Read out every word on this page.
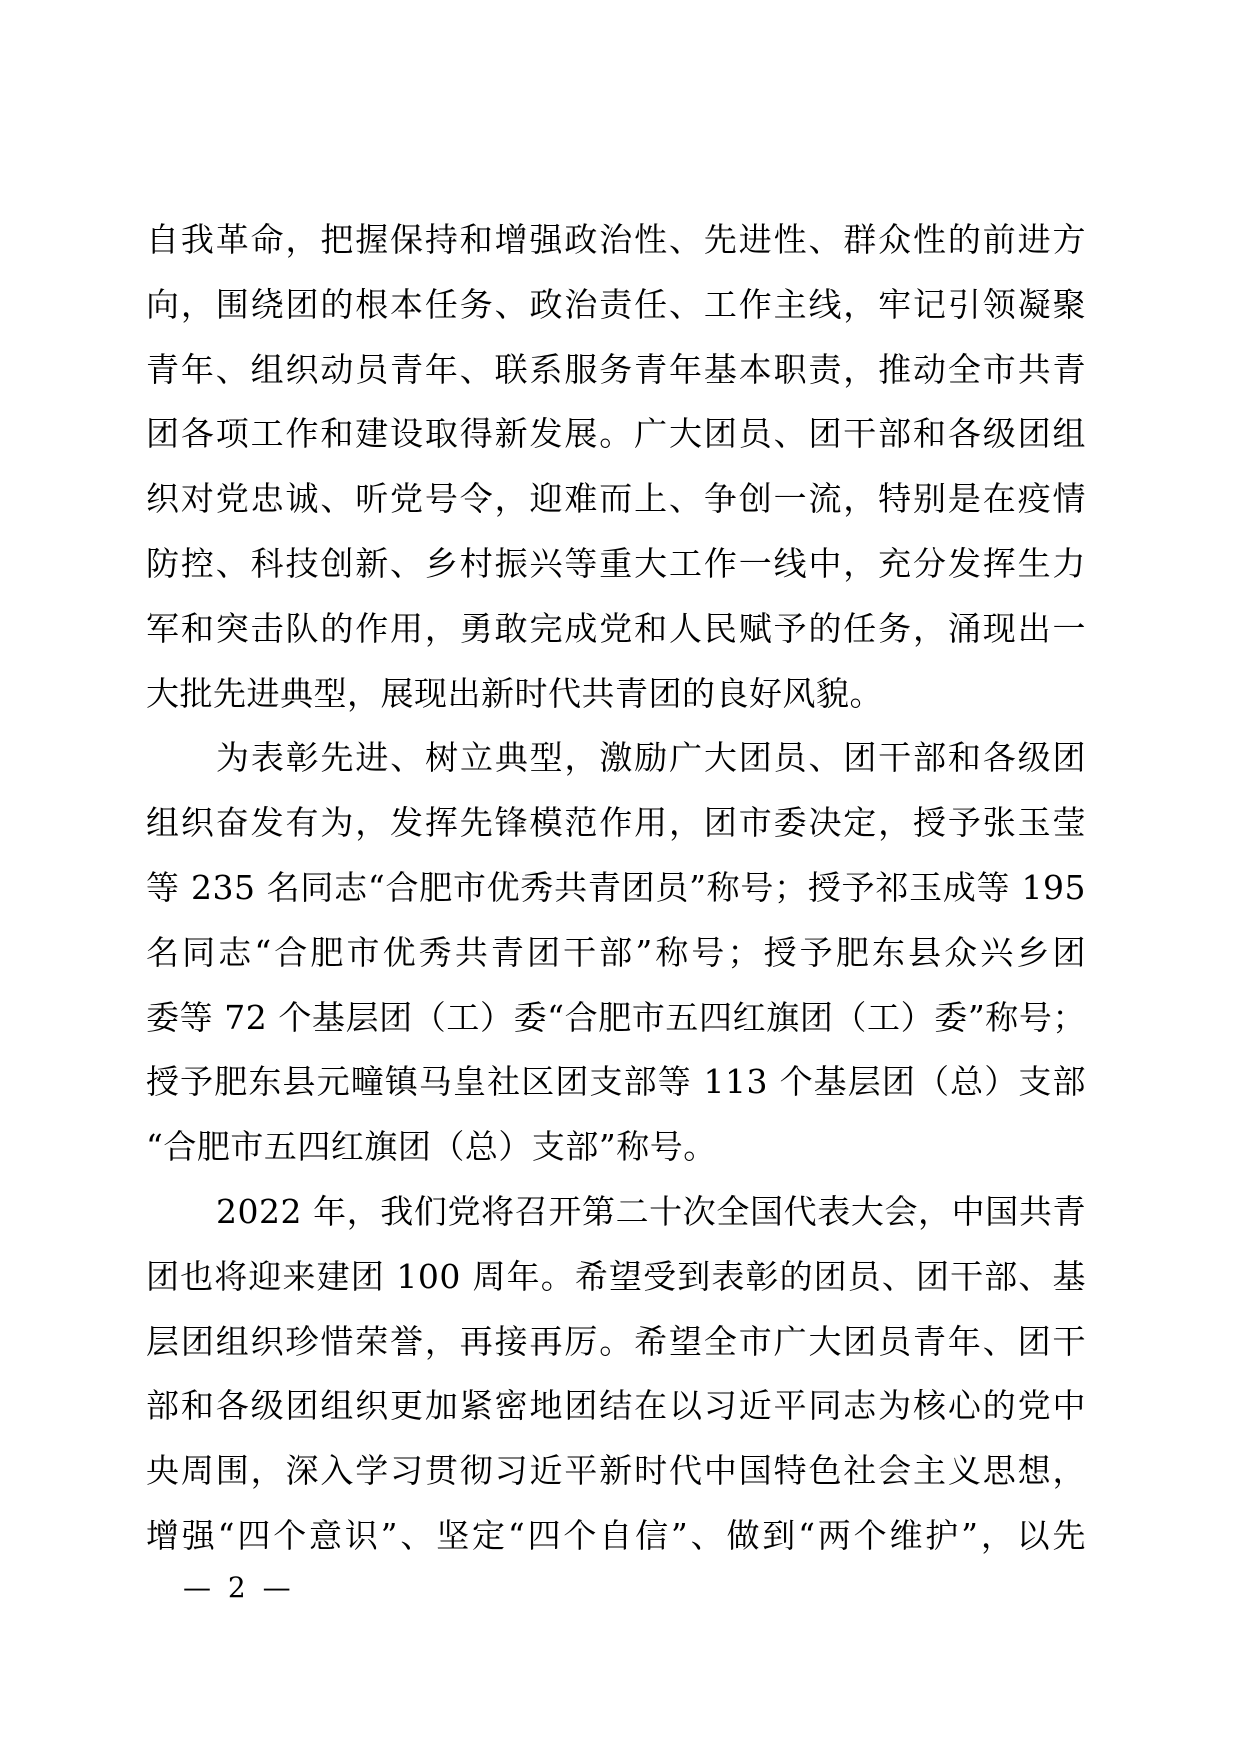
自我革命，把握保持和增强政治性、先进性、群众性的前进方
向，围绕团的根本任务、政治责任、工作主线，牢记引领凝聚
青年、组织动员青年、联系服务青年基本职责，推动全市共青
团各项工作和建设取得新发展。广大团员、团干部和各级团组
织对党忠诚、听党号令，迎难而上、争创一流，特别是在疫情
防控、科技创新、乡村振兴等重大工作一线中，充分发挥生力
军和突击队的作用，勇敢完成党和人民赋予的任务，涌现出一
大批先进典型，展现出新时代共青团的良好风貌。
为表彰先进、树立典型，激励广大团员、团干部和各级团
组织奋发有为，发挥先锋模范作用，团市委决定，授予张玉莹
等 235 名同志“合肥市优秀共青团员”称号；授予祁玉成等 195
名同志“合肥市优秀共青团干部”称号；授予肥东县众兴乡团
委等 72 个基层团（工）委“合肥市五四红旗团（工）委”称号；
授予肥东县元疃镇马皇社区团支部等 113 个基层团（总）支部
“合肥市五四红旗团（总）支部”称号。
2022 年，我们党将召开第二十次全国代表大会，中国共青
团也将迎来建团 100 周年。希望受到表彰的团员、团干部、基
层团组织珍惜荣誉，再接再厉。希望全市广大团员青年、团干
部和各级团组织更加紧密地团结在以习近平同志为核心的党中
央周围，深入学习贯彻习近平新时代中国特色社会主义思想，
增强“四个意识”、坚定“四个自信”、做到“两个维护”，以先
— 2 —
